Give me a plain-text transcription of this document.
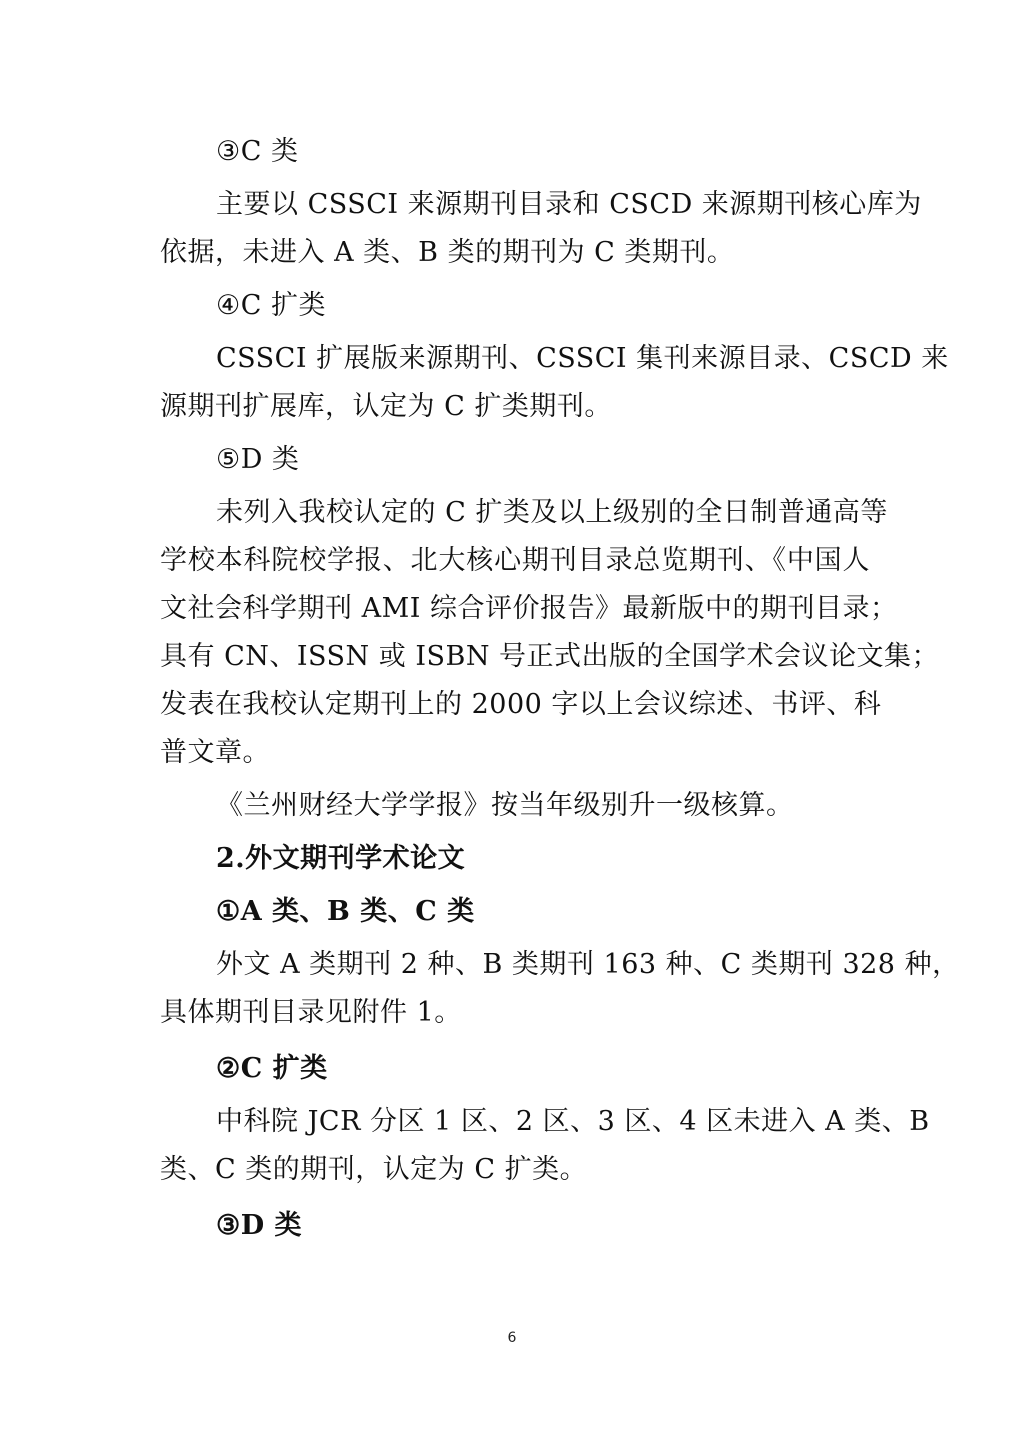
③C 类
主要以 CSSCI 来源期刊目录和 CSCD 来源期刊核心库为
依据，未进入 A 类、B 类的期刊为 C 类期刊。
④C 扩类
CSSCI 扩展版来源期刊、CSSCI 集刊来源目录、CSCD 来
源期刊扩展库，认定为 C 扩类期刊。
⑤D 类
未列入我校认定的 C 扩类及以上级别的全日制普通高等
学校本科院校学报、北大核心期刊目录总览期刊、《中国人
文社会科学期刊 AMI 综合评价报告》最新版中的期刊目录；
具有 CN、ISSN 或 ISBN 号正式出版的全国学术会议论文集；
发表在我校认定期刊上的 2000 字以上会议综述、书评、科
普文章。
《兰州财经大学学报》按当年级别升一级核算。
2.外文期刊学术论文
①A 类、B 类、C 类
外文 A 类期刊 2 种、B 类期刊 163 种、C 类期刊 328 种，
具体期刊目录见附件 1。
②C 扩类
中科院 JCR 分区 1 区、2 区、3 区、4 区未进入 A 类、B
类、C 类的期刊，认定为 C 扩类。
③D 类
6
